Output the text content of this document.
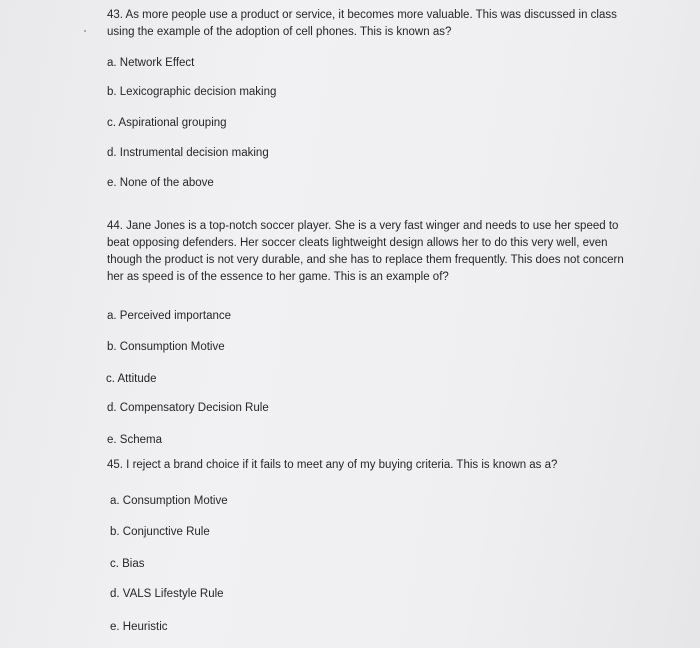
43. As more people use a product or service, it becomes more valuable. This was discussed in class using the example of the adoption of cell phones. This is known as?

a. Network Effect

b. Lexicographic decision making

c. Aspirational grouping

d. Instrumental decision making

e. None of the above

44. Jane Jones is a top-notch soccer player. She is a very fast winger and needs to use her speed to beat opposing defenders. Her soccer cleats lightweight design allows her to do this very well, even though the product is not very durable, and she has to replace them frequently. This does not concern her as speed is of the essence to her game. This is an example of?

a. Perceived importance

b. Consumption Motive

c. Attitude

d. Compensatory Decision Rule

e. Schema

45. I reject a brand choice if it fails to meet any of my buying criteria. This is known as a?

a. Consumption Motive

b. Conjunctive Rule

c. Bias

d. VALS Lifestyle Rule

e. Heuristic
